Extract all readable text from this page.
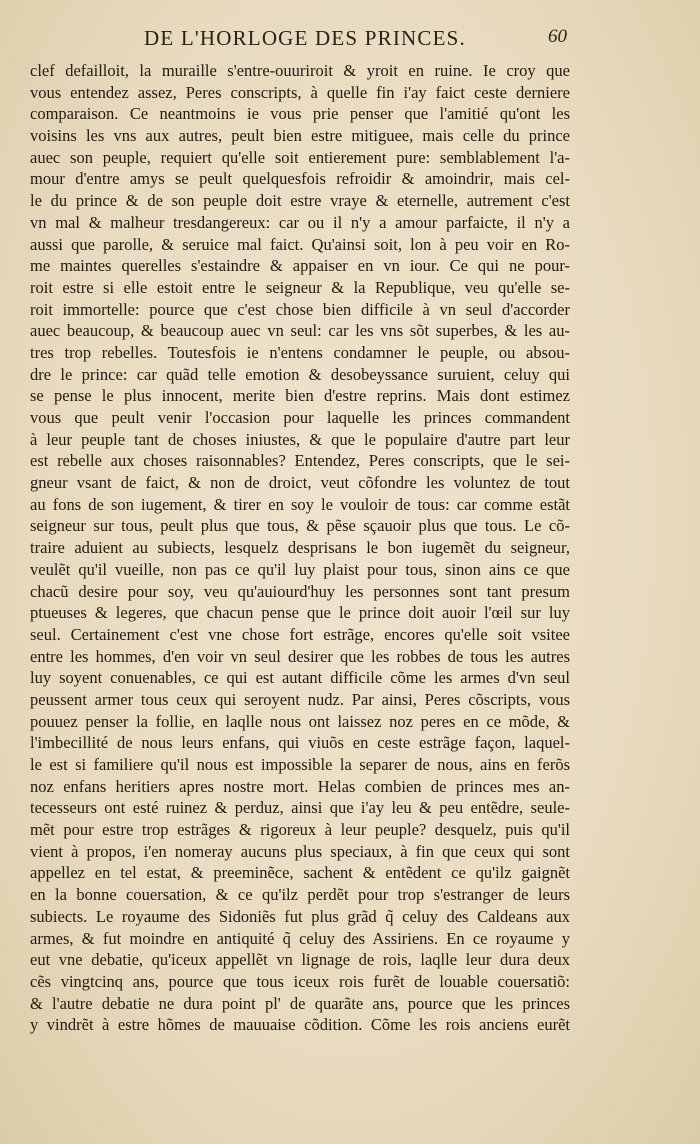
DE L'HORLOGE DES PRINCES.	60
clef defailloit, la muraille s'entre-ouuriroit & yroit en ruine. Ie croy que
vous entendez assez, Peres conscripts, à quelle fin i'ay faict ceste derniere
comparaison. Ce neantmoins ie vous prie penser que l'amitié qu'ont les
voisins les vns aux autres, peult bien estre mitiguee, mais celle du prince
auec son peuple, requiert qu'elle soit entierement pure: semblablement l'a-
mour d'entre amys se peult quelquesfois refroidir & amoindrir, mais cel-
le du prince & de son peuple doit estre vraye & eternelle, autrement c'est
vn mal & malheur tresdangereux: car ou il n'y a amour parfaicte, il n'y a
aussi que parolle, & seruice mal faict. Qu'ainsi soit, lon à peu voir en Ro-
me maintes querelles s'estaindre & appaiser en vn iour. Ce qui ne pour-
roit estre si elle estoit entre le seigneur & la Republique, veu qu'elle se-
roit immortelle: pource que c'est chose bien difficile à vn seul d'accorder
auec beaucoup, & beaucoup auec vn seul: car les vns sõt superbes, & les au-
tres trop rebelles. Toutesfois ie n'entens condamner le peuple, ou absou-
dre le prince: car quãd telle emotion & desobeyssance suruient, celuy qui
se pense le plus innocent, merite bien d'estre reprins. Mais dont estimez
vous que peult venir l'occasion pour laquelle les princes commandent
à leur peuple tant de choses iniustes, & que le populaire d'autre part leur
est rebelle aux choses raisonnables? Entendez, Peres conscripts, que le sei-
gneur vsant de faict, & non de droict, veut cõfondre les voluntez de tout
au fons de son iugement, & tirer en soy le vouloir de tous: car comme estãt
seigneur sur tous, peult plus que tous, & pẽse sçauoir plus que tous. Le cõ-
traire aduient au subiects, lesquelz desprisans le bon iugemẽt du seigneur,
veulẽt qu'il vueille, non pas ce qu'il luy plaist pour tous, sinon ains ce que
chacũ desire pour soy, veu qu'auiourd'huy les personnes sont tant presum
ptueuses & legeres, que chacun pense que le prince doit auoir l'œil sur luy
seul. Certainement c'est vne chose fort estrãge, encores qu'elle soit vsitee
entre les hommes, d'en voir vn seul desirer que les robbes de tous les autres
luy soyent conuenables, ce qui est autant difficile cõme les armes d'vn seul
peussent armer tous ceux qui seroyent nudz. Par ainsi, Peres cõscripts, vous
pouuez penser la follie, en laqlle nous ont laissez noz peres en ce mõde, &
l'imbecillité de nous leurs enfans, qui viuõs en ceste estrãge façon, laquel-
le est si familiere qu'il nous est impossible la separer de nous, ains en ferõs
noz enfans heritiers apres nostre mort. Helas combien de princes mes an-
tecesseurs ont esté ruinez & perduz, ainsi que i'ay leu & peu entẽdre, seule-
mẽt pour estre trop estrãges & rigoreux à leur peuple? desquelz, puis qu'il
vient à propos, i'en nomeray aucuns plus speciaux, à fin que ceux qui sont
appellez en tel estat, & preeminẽce, sachent & entẽdent ce qu'ilz gaignẽt
en la bonne couersation, & ce qu'ilz perdẽt pour trop s'estranger de leurs
subiects. Le royaume des Sidoniẽs fut plus grãd q̃ celuy des Caldeans aux
armes, & fut moindre en antiquité q̃ celuy des Assiriens. En ce royaume y
eut vne debatie, qu'iceux appellẽt vn lignage de rois, laqlle leur dura deux
cẽs vingtcinq ans, pource que tous iceux rois furẽt de louable couersatiõ:
& l'autre debatie ne dura point pl' de quarãte ans, pource que les princes
y vindrẽt à estre hõmes de mauuaise cõdition. Cõme les rois anciens eurẽt
